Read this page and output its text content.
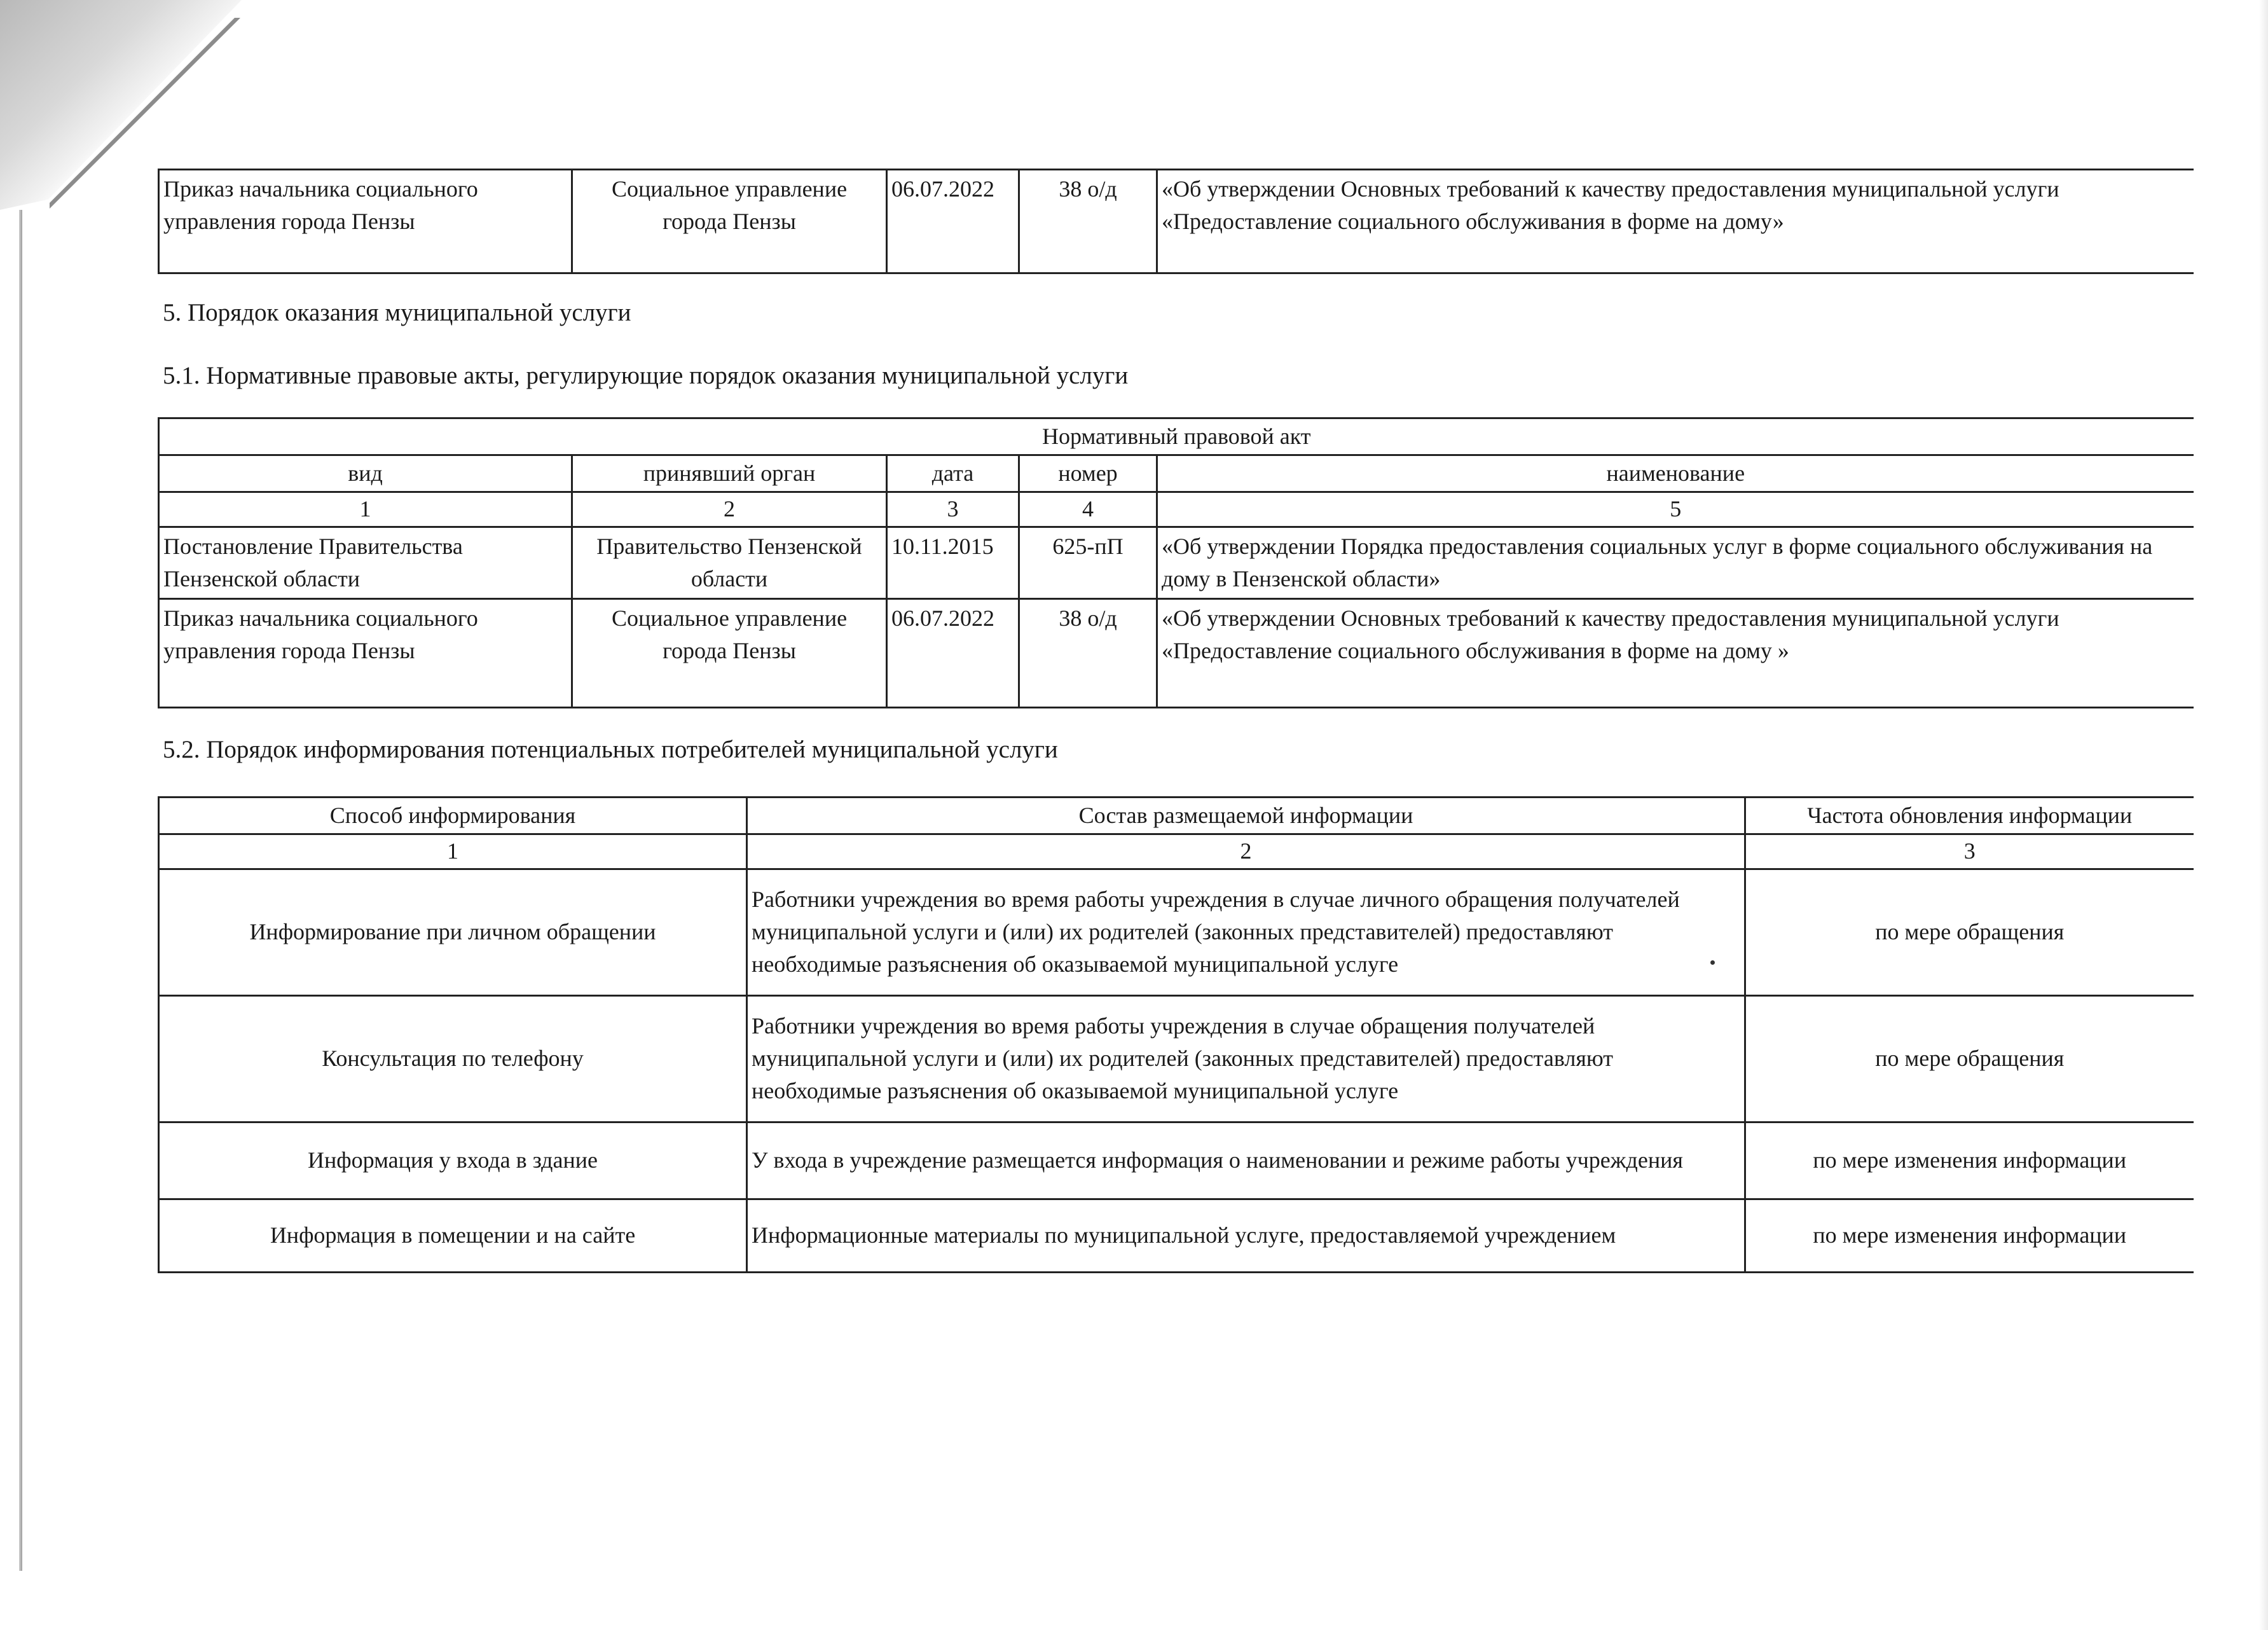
Приказ начальника социального управления города Пензы	Социальное управление города Пензы	06.07.2022	38 о/д	«Об утверждении Основных требований к качеству предоставления муниципальной услуги «Предоставление социального обслуживания в форме на дому»

5. Порядок оказания муниципальной услуги

5.1. Нормативные правовые акты, регулирующие порядок оказания муниципальной услуги

Нормативный правовой акт				
вид	принявший орган	дата	номер	наименование
1	2	3	4	5
Постановление Правительства Пензенской области	Правительство Пензенской области	10.11.2015	625-пП	«Об утверждении Порядка предоставления социальных услуг в форме социального обслуживания на дому в Пензенской области»
Приказ начальника социального управления города Пензы	Социальное управление города Пензы	06.07.2022	38 о/д	«Об утверждении Основных требований к качеству предоставления муниципальной услуги «Предоставление социального обслуживания в форме на дому »

5.2. Порядок информирования потенциальных потребителей муниципальной услуги

Способ информирования	Состав размещаемой информации	Частота обновления информации
1	2	3
Информирование при личном обращении	Работники учреждения во время работы учреждения в случае личного обращения получателей муниципальной услуги и (или) их родителей (законных представителей) предоставляют необходимые разъяснения об оказываемой муниципальной услуге	по мере обращения
Консультация по телефону	Работники учреждения во время работы учреждения в случае обращения получателей муниципальной услуги и (или) их родителей (законных представителей) предоставляют необходимые разъяснения об оказываемой муниципальной услуге	по мере обращения
Информация у входа в здание	У входа в учреждение размещается информация о наименовании и режиме работы учреждения	по мере изменения информации
Информация в помещении и на сайте	Информационные материалы по муниципальной услуге, предоставляемой учреждением	по мере изменения информации
